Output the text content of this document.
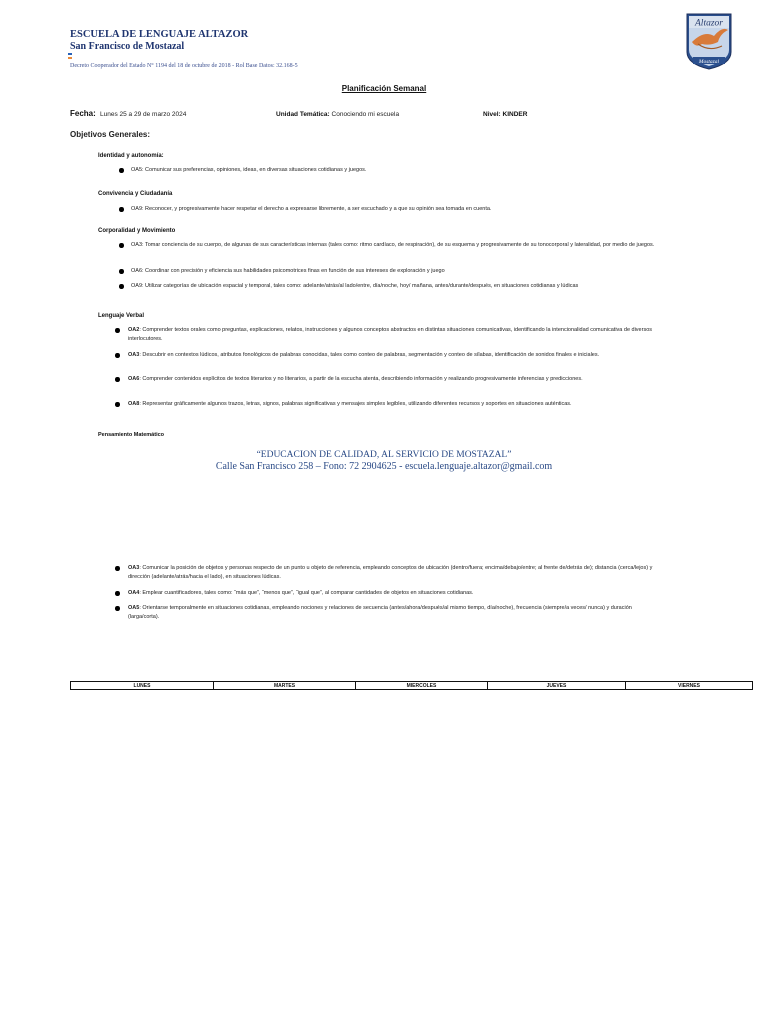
ESCUELA DE LENGUAJE ALTAZOR
San Francisco de Mostazal
Decreto Cooperador del Estado N° 1194 del 18 de octubre de 2018 - Rol Base Datos: 32.168-5
Altazor
Mostazal
Planificación Semanal
Fecha: Lunes 25 a 29 de marzo 2024	Unidad Temática: Conociendo mi escuela	Nivel: KINDER
Objetivos Generales:
Identidad y autonomía:
OA5: Comunicar sus preferencias, opiniones, ideas, en diversas situaciones cotidianas y juegos.
Convivencia y Ciudadanía
OA9: Reconocer, y progresivamente hacer respetar el derecho a expresarse libremente, a ser escuchado y a que su opinión sea tomada en cuenta.
Corporalidad y Movimiento
OA3: Tomar conciencia de su cuerpo, de algunas de sus características internas (tales como: ritmo cardíaco, de respiración), de su esquema y progresivamente de su tonocorporal y lateralidad, por medio de juegos.
OA6: Coordinar con precisión y eficiencia sus habilidades psicomotrices finas en función de sus intereses de exploración y juego
OA9: Utilizar categorías de ubicación espacial y temporal, tales como: adelante/atrás/al lado/entre, día/noche, hoy/ mañana, antes/durante/después, en situaciones cotidianas y lúdicas
Lenguaje Verbal
OA2: Comprender textos orales como preguntas, explicaciones, relatos, instrucciones y algunos conceptos abstractos en distintas situaciones comunicativas, identificando la intencionalidad comunicativa de diversos interlocutores.
OA3: Descubrir en contextos lúdicos, atributos fonológicos de palabras conocidas, tales como conteo de palabras, segmentación y conteo de sílabas, identificación de sonidos finales e iniciales.
OA6: Comprender contenidos explícitos de textos literarios y no literarios, a partir de la escucha atenta, describiendo información y realizando progresivamente inferencias y predicciones.
OA8: Representar gráficamente algunos trazos, letras, signos, palabras significativas y mensajes simples legibles, utilizando diferentes recursos y soportes en situaciones auténticas.
Pensamiento Matemático
“EDUCACION DE CALIDAD, AL SERVICIO DE MOSTAZAL”
Calle San Francisco 258 – Fono: 72 2904625 - escuela.lenguaje.altazor@gmail.com
OA3: Comunicar la posición de objetos y personas respecto de un punto u objeto de referencia, empleando conceptos de ubicación (dentro/fuera; encima/debajo/entre; al frente de/detrás de); distancia (cerca/lejos) y dirección (adelante/atrás/hacia el lado), en situaciones lúdicas.
OA4: Emplear cuantificadores, tales como: “más que”, “menos que”, “igual que”, al comparar cantidades de objetos en situaciones cotidianas.
OA5: Orientarse temporalmente en situaciones cotidianas, empleando nociones y relaciones de secuencia (antes/ahora/después/al mismo tiempo, día/noche), frecuencia (siempre/a veces/ nunca) y duración (larga/corta).
LUNES	MARTES	MIERCOLES	JUEVES	VIERNES
